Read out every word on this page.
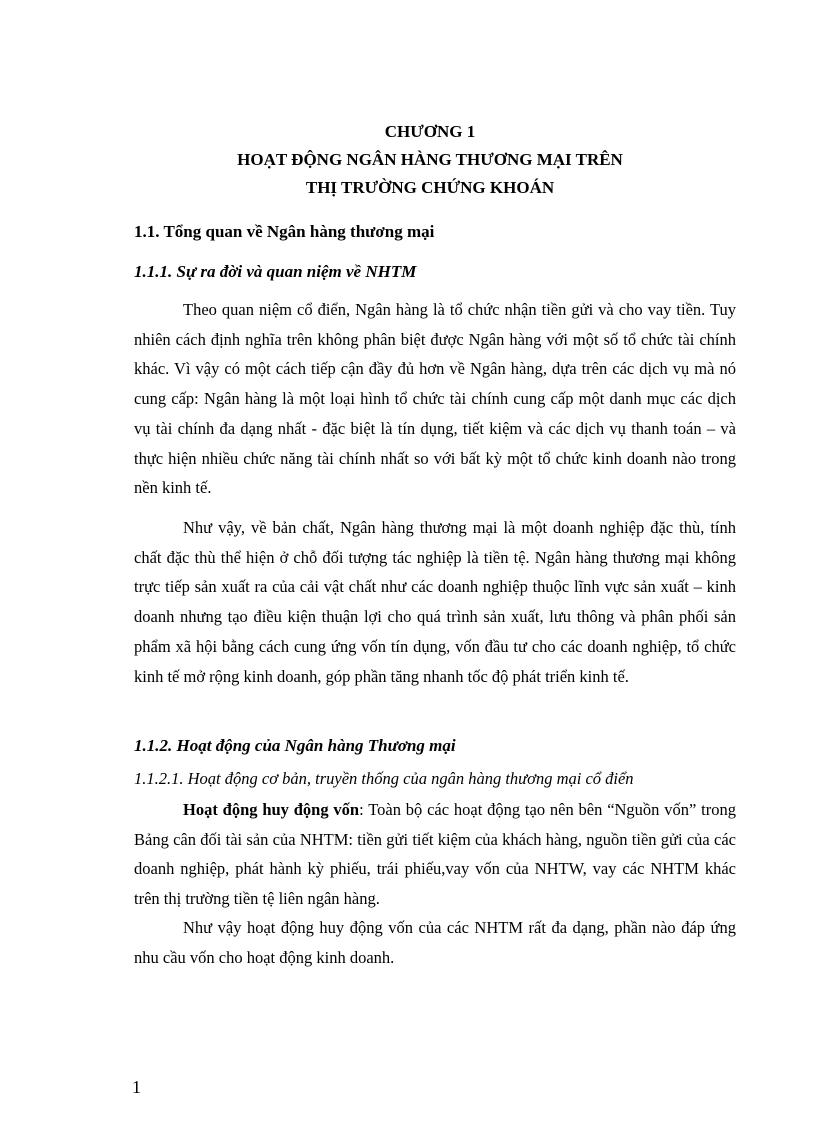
CHƯƠNG 1
HOẠT ĐỘNG NGÂN HÀNG THƯƠNG MẠI TRÊN
THỊ TRƯỜNG CHỨNG KHOÁN
1.1. Tổng quan về Ngân hàng thương mại
1.1.1. Sự ra đời và quan niệm về NHTM

Theo quan niệm cổ điển, Ngân hàng là tổ chức nhận tiền gửi và cho vay tiền. Tuy nhiên cách định nghĩa trên không phân biệt được Ngân hàng với một số tổ chức tài chính khác. Vì vậy có một cách tiếp cận đầy đủ hơn về Ngân hàng, dựa trên các dịch vụ mà nó cung cấp: Ngân hàng là một loại hình tổ chức tài chính cung cấp một danh mục các dịch vụ tài chính đa dạng nhất - đặc biệt là tín dụng, tiết kiệm và các dịch vụ thanh toán – và thực hiện nhiều chức năng tài chính nhất so với bất kỳ một tổ chức kinh doanh nào trong nền kinh tế.

Như vậy, về bản chất, Ngân hàng thương mại là một doanh nghiệp đặc thù, tính chất đặc thù thể hiện ở chỗ đối tượng tác nghiệp là tiền tệ. Ngân hàng thương mại không trực tiếp sản xuất ra của cải vật chất như các doanh nghiệp thuộc lĩnh vực sản xuất – kinh doanh nhưng tạo điều kiện thuận lợi cho quá trình sản xuất, lưu thông và phân phối sản phẩm xã hội bằng cách cung ứng vốn tín dụng, vốn đầu tư cho các doanh nghiệp, tổ chức kinh tế mở rộng kinh doanh, góp phần tăng nhanh tốc độ phát triển kinh tế.

1.1.2. Hoạt động của Ngân hàng Thương mại
1.1.2.1. Hoạt động cơ bản, truyền thống của ngân hàng thương mại cổ điển

Hoạt động huy động vốn: Toàn bộ các hoạt động tạo nên bên “Nguồn vốn” trong Bảng cân đối tài sản của NHTM: tiền gửi tiết kiệm của khách hàng, nguồn tiền gửi của các doanh nghiệp, phát hành kỳ phiếu, trái phiếu,vay vốn của NHTW, vay các NHTM khác trên thị trường tiền tệ liên ngân hàng.

Như vậy hoạt động huy động vốn của các NHTM rất đa dạng, phần nào đáp ứng nhu cầu vốn cho hoạt động kinh doanh.

1
